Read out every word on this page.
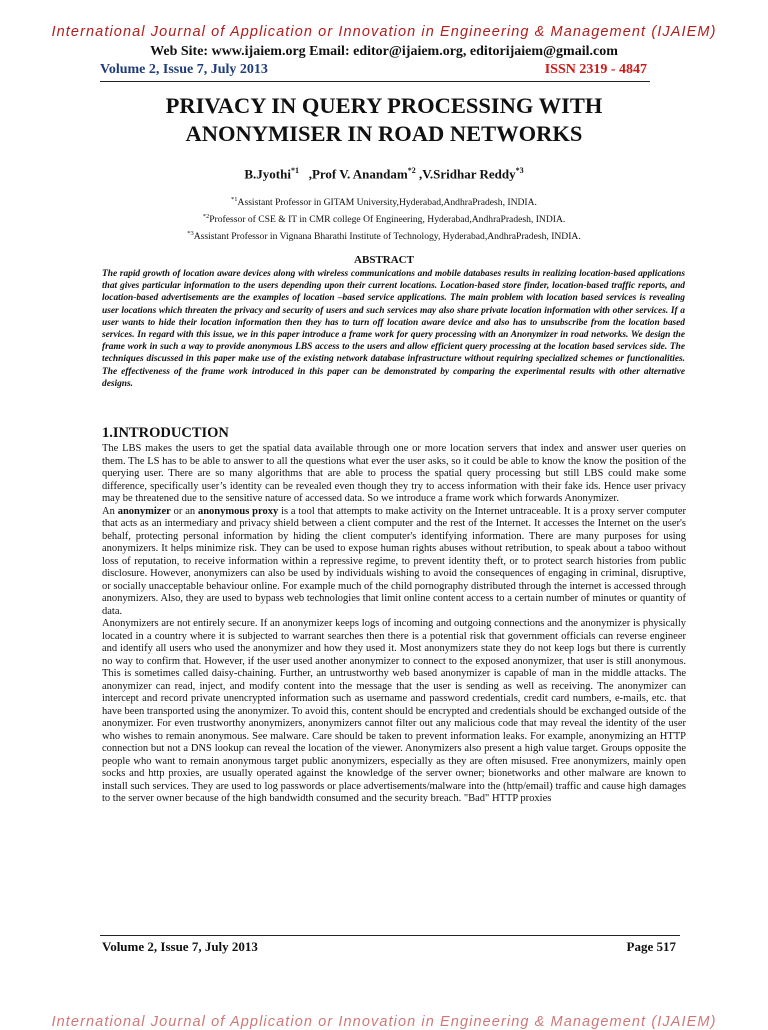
International Journal of Application or Innovation in Engineering & Management (IJAIEM)
Web Site: www.ijaiem.org Email: editor@ijaiem.org, editorijaiem@gmail.com
Volume 2, Issue 7, July 2013	ISSN 2319 - 4847
PRIVACY IN QUERY PROCESSING WITH
ANONYMISER IN ROAD NETWORKS
B.Jyothi$^{*1}$ ,Prof V. Anandam$^{*2}$ ,V.Sridhar Reddy$^{*3}$
$^{*1}$Assistant Professor in GITAM University,Hyderabad,AndhraPradesh, INDIA.
$^{*2}$Professor of CSE & IT in CMR college Of Engineering, Hyderabad,AndhraPradesh, INDIA.
$^{*3}$Assistant Professor in Vignana Bharathi Institute of Technology, Hyderabad,AndhraPradesh, INDIA.
ABSTRACT
The rapid growth of location aware devices along with wireless communications and mobile databases results in realizing location-based applications that gives particular information to the users depending upon their current locations. Location-based store finder, location-based traffic reports, and location-based advertisements are the examples of location –based service applications. The main problem with location based services is revealing user locations which threaten the privacy and security of users and such services may also share private location information with other services. If a user wants to hide their location information then they has to turn off location aware device and also has to unsubscribe from the location based services. In regard with this issue, we in this paper introduce a frame work for query processing with an Anonymizer in road networks. We design the frame work in such a way to provide anonymous LBS access to the users and allow efficient query processing at the location based services side. The techniques discussed in this paper make use of the existing network database infrastructure without requiring specialized schemes or functionalities. The effectiveness of the frame work introduced in this paper can be demonstrated by comparing the experimental results with other alternative designs.
1.INTRODUCTION

The LBS makes the users to get the spatial data available through one or more location servers that index and answer user queries on them. The LS has to be able to answer to all the questions what ever the user asks, so it could be able to know the know the position of the querying user. There are so many algorithms that are able to process the spatial query processing but still LBS could make some difference, specifically user’s identity can be revealed even though they try to access information with their fake ids. Hence user privacy may be threatened due to the sensitive nature of accessed data. So we introduce a frame work which forwards Anonymizer.

An anonymizer or an anonymous proxy is a tool that attempts to make activity on the Internet untraceable. It is a proxy server computer that acts as an intermediary and privacy shield between a client computer and the rest of the Internet. It accesses the Internet on the user's behalf, protecting personal information by hiding the client computer's identifying information. There are many purposes for using anonymizers. It helps minimize risk. They can be used to expose human rights abuses without retribution, to speak about a taboo without loss of reputation, to receive information within a repressive regime, to prevent identity theft, or to protect search histories from public disclosure. However, anonymizers can also be used by individuals wishing to avoid the consequences of engaging in criminal, disruptive, or socially unacceptable behaviour online. For example much of the child pornography distributed through the internet is accessed through anonymizers. Also, they are used to bypass web technologies that limit online content access to a certain number of minutes or quantity of data.

Anonymizers are not entirely secure. If an anonymizer keeps logs of incoming and outgoing connections and the anonymizer is physically located in a country where it is subjected to warrant searches then there is a potential risk that government officials can reverse engineer and identify all users who used the anonymizer and how they used it. Most anonymizers state they do not keep logs but there is currently no way to confirm that. However, if the user used another anonymizer to connect to the exposed anonymizer, that user is still anonymous. This is sometimes called daisy-chaining. Further, an untrustworthy web based anonymizer is capable of man in the middle attacks. The anonymizer can read, inject, and modify content into the message that the user is sending as well as receiving. The anonymizer can intercept and record private unencrypted information such as username and password credentials, credit card numbers, e-mails, etc. that have been transported using the anonymizer. To avoid this, content should be encrypted and credentials should be exchanged outside of the anonymizer. For even trustworthy anonymizers, anonymizers cannot filter out any malicious code that may reveal the identity of the user who wishes to remain anonymous. See malware. Care should be taken to prevent information leaks. For example, anonymizing an HTTP connection but not a DNS lookup can reveal the location of the viewer. Anonymizers also present a high value target. Groups opposite the people who want to remain anonymous target public anonymizers, especially as they are often misused. Free anonymizers, mainly open socks and http proxies, are usually operated against the knowledge of the server owner; bionetworks and other malware are known to install such services. They are used to log passwords or place advertisements/malware into the (http/email) traffic and cause high damages to the server owner because of the high bandwidth consumed and the security breach. "Bad" HTTP proxies

Volume 2, Issue 7, July 2013	Page 517
International Journal of Application or Innovation in Engineering & Management (IJAIEM)
